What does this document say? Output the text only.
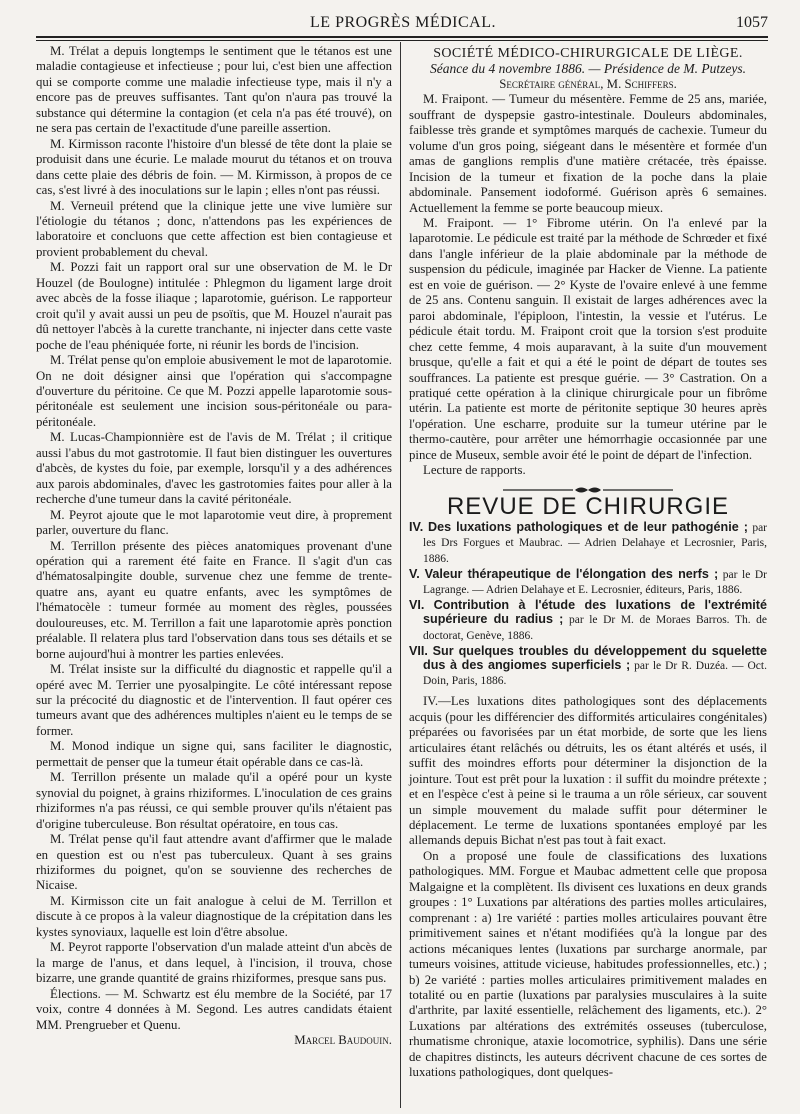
LE PROGRÈS MÉDICAL.	1057

M. Trélat a depuis longtemps le sentiment que le tétanos est une maladie contagieuse et infectieuse ; pour lui, c'est bien une affection qui se comporte comme une maladie infectieuse type, mais il n'y a encore pas de preuves suffisantes. Tant qu'on n'aura pas trouvé la substance qui détermine la contagion (et cela n'a pas été trouvé), on ne sera pas certain de l'exactitude d'une pareille assertion.

M. Kirmisson raconte l'histoire d'un blessé de tête dont la plaie se produisit dans une écurie. Le malade mourut du tétanos et on trouva dans cette plaie des débris de foin. — M. Kirmisson, à propos de ce cas, s'est livré à des inoculations sur le lapin ; elles n'ont pas réussi.

M. Verneuil prétend que la clinique jette une vive lumière sur l'étiologie du tétanos ; donc, n'attendons pas les expériences de laboratoire et concluons que cette affection est bien contagieuse et provient probablement du cheval.

M. Pozzi fait un rapport oral sur une observation de M. le Dr Houzel (de Boulogne) intitulée : Phlegmon du ligament large droit avec abcès de la fosse iliaque ; laparotomie, guérison. Le rapporteur croit qu'il y avait aussi un peu de psoïtis, que M. Houzel n'aurait pas dû nettoyer l'abcès à la curette tranchante, ni injecter dans cette vaste poche de l'eau phéniquée forte, ni réunir les bords de l'incision.

M. Trélat pense qu'on emploie abusivement le mot de laparotomie. On ne doit désigner ainsi que l'opération qui s'accompagne d'ouverture du péritoine. Ce que M. Pozzi appelle laparotomie sous-péritonéale est seulement une incision sous-péritonéale ou para-péritonéale.

M. Lucas-Championnière est de l'avis de M. Trélat ; il critique aussi l'abus du mot gastrotomie. Il faut bien distinguer les ouvertures d'abcès, de kystes du foie, par exemple, lorsqu'il y a des adhérences aux parois abdominales, d'avec les gastrotomies faites pour aller à la recherche d'une tumeur dans la cavité péritonéale.

M. Peyrot ajoute que le mot laparotomie veut dire, à proprement parler, ouverture du flanc.

M. Terrillon présente des pièces anatomiques provenant d'une opération qui a rarement été faite en France. Il s'agit d'un cas d'hématosalpingite double, survenue chez une femme de trente-quatre ans, ayant eu quatre enfants, avec les symptômes de l'hématocèle : tumeur formée au moment des règles, poussées douloureuses, etc. M. Terrillon a fait une laparotomie après ponction préalable. Il relatera plus tard l'observation dans tous ses détails et se borne aujourd'hui à montrer les parties enlevées.

M. Trélat insiste sur la difficulté du diagnostic et rappelle qu'il a opéré avec M. Terrier une pyosalpingite. Le côté intéressant repose sur la précocité du diagnostic et de l'intervention. Il faut opérer ces tumeurs avant que des adhérences multiples n'aient eu le temps de se former.

M. Monod indique un signe qui, sans faciliter le diagnostic, permettait de penser que la tumeur était opérable dans ce cas-là.

M. Terrillon présente un malade qu'il a opéré pour un kyste synovial du poignet, à grains rhiziformes. L'inoculation de ces grains rhiziformes n'a pas réussi, ce qui semble prouver qu'ils n'étaient pas d'origine tuberculeuse. Bon résultat opératoire, en tous cas.

M. Trélat pense qu'il faut attendre avant d'affirmer que le malade en question est ou n'est pas tuberculeux. Quant à ses grains rhiziformes du poignet, qu'on se souvienne des recherches de Nicaise.

M. Kirmisson cite un fait analogue à celui de M. Terrillon et discute à ce propos à la valeur diagnostique de la crépitation dans les kystes synoviaux, laquelle est loin d'être absolue.

M. Peyrot rapporte l'observation d'un malade atteint d'un abcès de la marge de l'anus, et dans lequel, à l'incision, il trouva, chose bizarre, une grande quantité de grains rhiziformes, presque sans pus.

Élections. — M. Schwartz est élu membre de la Société, par 17 voix, contre 4 données à M. Segond. Les autres candidats étaient MM. Prengrueber et Quenu.

Marcel Baudouin.

SOCIÉTÉ MÉDICO-CHIRURGICALE DE LIÈGE.

Séance du 4 novembre 1886. — Présidence de M. Putzeys.

Secrétaire général, M. Schiffers.

M. Fraipont. — Tumeur du mésentère. Femme de 25 ans, mariée, souffrant de dyspepsie gastro-intestinale. Douleurs abdominales, faiblesse très grande et symptômes marqués de cachexie. Tumeur du volume d'un gros poing, siégeant dans le mésentère et formée d'un amas de ganglions remplis d'une matière crétacée, très épaisse. Incision de la tumeur et fixation de la poche dans la plaie abdominale. Pansement iodoformé. Guérison après 6 semaines. Actuellement la femme se porte beaucoup mieux.

M. Fraipont. — 1° Fibrome utérin. On l'a enlevé par la laparotomie. Le pédicule est traité par la méthode de Schrœder et fixé dans l'angle inférieur de la plaie abdominale par la méthode de suspension du pédicule, imaginée par Hacker de Vienne. La patiente est en voie de guérison. — 2° Kyste de l'ovaire enlevé à une femme de 25 ans. Contenu sanguin. Il existait de larges adhérences avec la paroi abdominale, l'épiploon, l'intestin, la vessie et l'utérus. Le pédicule était tordu. M. Fraipont croit que la torsion s'est produite chez cette femme, 4 mois auparavant, à la suite d'un mouvement brusque, qu'elle a fait et qui a été le point de départ de toutes ses souffrances. La patiente est presque guérie. — 3° Castration. On a pratiqué cette opération à la clinique chirurgicale pour un fibrôme utérin. La patiente est morte de péritonite septique 30 heures après l'opération. Une escharre, produite sur la tumeur utérine par le thermo-cautère, pour arrêter une hémorrhagie occasionnée par une pince de Museux, semble avoir été le point de départ de l'infection.

Lecture de rapports.

REVUE DE CHIRURGIE

IV. Des luxations pathologiques et de leur pathogénie ; par les Drs Forgues et Maubrac. — Adrien Delahaye et Lecrosnier, Paris, 1886.

V. Valeur thérapeutique de l'élongation des nerfs ; par le Dr Lagrange. — Adrien Delahaye et E. Lecrosnier, éditeurs, Paris, 1886.

VI. Contribution à l'étude des luxations de l'extrémité supérieure du radius ; par le Dr M. de Moraes Barros. Th. de doctorat, Genève, 1886.

VII. Sur quelques troubles du développement du squelette dus à des angiomes superficiels ; par le Dr R. Duzéa. — Oct. Doin, Paris, 1886.

IV.—Les luxations dites pathologiques sont des déplacements acquis (pour les différencier des difformités articulaires congénitales) préparées ou favorisées par un état morbide, de sorte que les liens articulaires étant relâchés ou détruits, les os étant altérés et usés, il suffit des moindres efforts pour déterminer la disjonction de la jointure. Tout est prêt pour la luxation : il suffit du moindre prétexte ; et en l'espèce c'est à peine si le trauma a un rôle sérieux, car souvent un simple mouvement du malade suffit pour déterminer le déplacement. Le terme de luxations spontanées employé par les allemands depuis Bichat n'est pas tout à fait exact.

On a proposé une foule de classifications des luxations pathologiques. MM. Forgue et Maubac admettent celle que proposa Malgaigne et la complètent. Ils divisent ces luxations en deux grands groupes : 1° Luxations par altérations des parties molles articulaires, comprenant : a) 1re variété : parties molles articulaires pouvant être primitivement saines et n'étant modifiées qu'à la longue par des actions mécaniques lentes (luxations par surcharge anormale, par tumeurs voisines, attitude vicieuse, habitudes professionnelles, etc.) ; b) 2e variété : parties molles articulaires primitivement malades en totalité ou en partie (luxations par paralysies musculaires à la suite d'arthrite, par laxité essentielle, relâchement des ligaments, etc.). 2° Luxations par altérations des extrémités osseuses (tuberculose, rhumatisme chronique, ataxie locomotrice, syphilis). Dans une série de chapitres distincts, les auteurs décrivent chacune de ces sortes de luxations pathologiques, dont quelques-
